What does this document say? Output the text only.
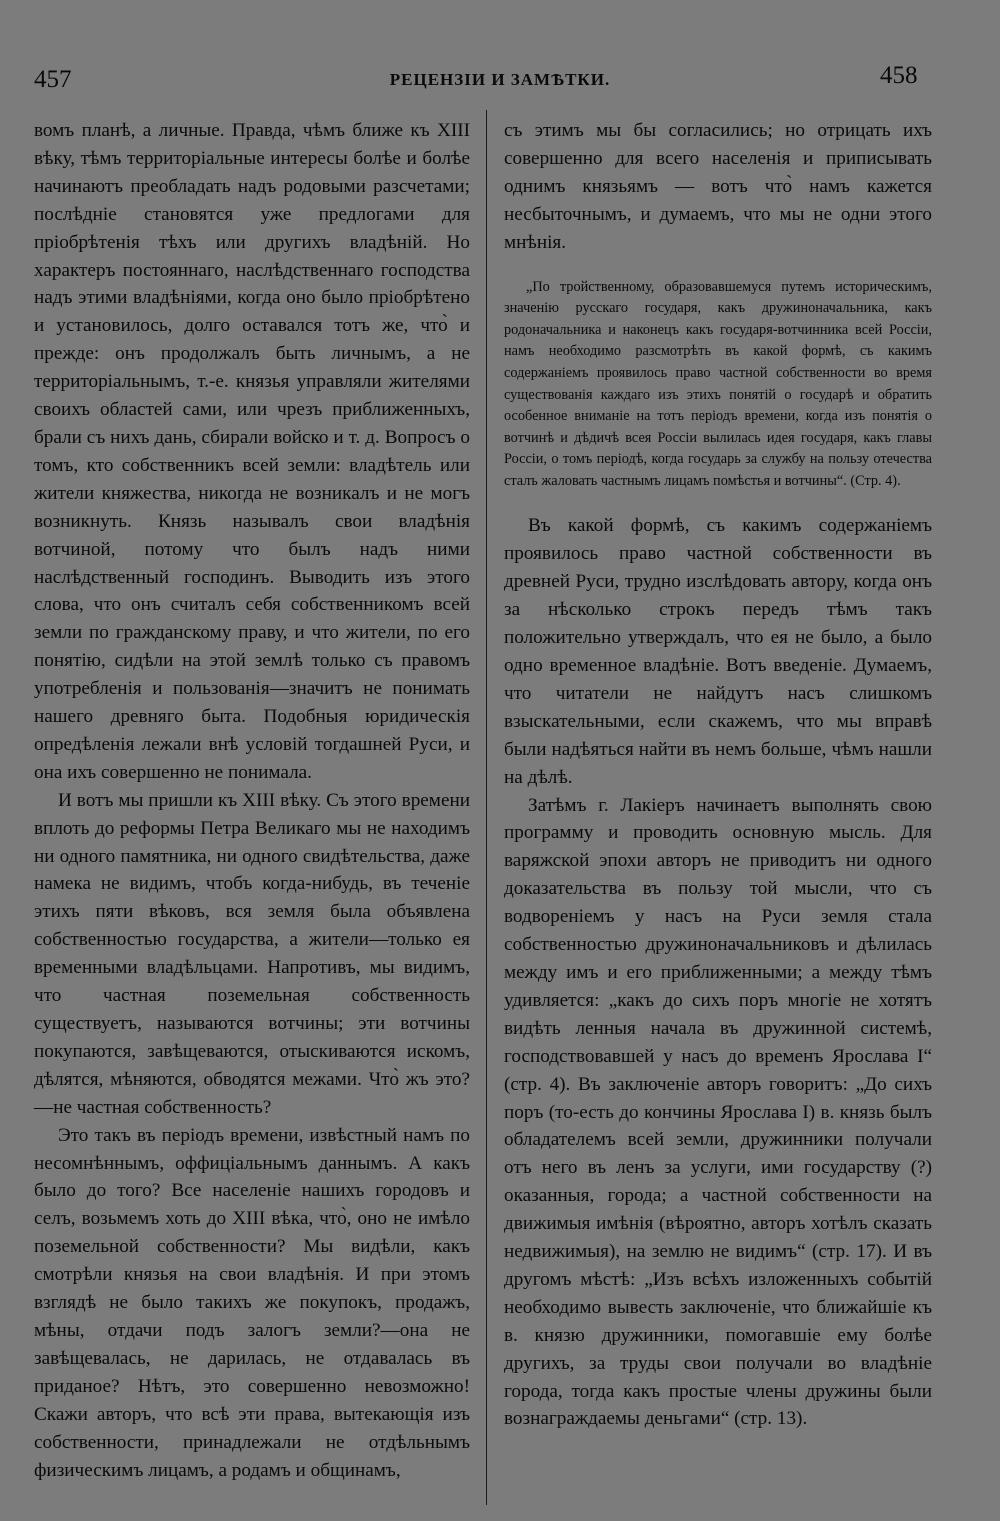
457	РЕЦЕНЗІИ И ЗАМѢТКИ.	458

вомъ планѣ, а личные. Правда, чѣмъ ближе къ XIII вѣку, тѣмъ территоріальные интересы болѣе и болѣе начинаютъ преобладать надъ родовыми разсчетами; послѣдніе становятся уже предлогами для пріобрѣтенія тѣхъ или другихъ владѣній. Но характеръ постояннаго, наслѣдственнаго господства надъ этими владѣніями, когда оно было пріобрѣтено и установилось, долго оставался тотъ же, что̀ и прежде: онъ продолжалъ быть личнымъ, а не территоріальнымъ, т.-е. князья управляли жителями своихъ областей сами, или чрезъ приближенныхъ, брали съ нихъ дань, сбирали войско и т. д. Вопросъ о томъ, кто собственникъ всей земли: владѣтель или жители княжества, никогда не возникалъ и не могъ возникнуть. Князь называлъ свои владѣнія вотчиной, потому что былъ надъ ними наслѣдственный господинъ. Выводить изъ этого слова, что онъ считалъ себя собственникомъ всей земли по гражданскому праву, и что жители, по его понятію, сидѣли на этой землѣ только съ правомъ употребленія и пользованія—значитъ не понимать нашего древняго быта. Подобныя юридическія опредѣленія лежали внѣ условій тогдашней Руси, и она ихъ совершенно не понимала.

И вотъ мы пришли къ XIII вѣку. Съ этого времени вплоть до реформы Петра Великаго мы не находимъ ни одного памятника, ни одного свидѣтельства, даже намека не видимъ, чтобъ когда-нибудь, въ теченіе этихъ пяти вѣковъ, вся земля была объявлена собственностью государства, а жители—только ея временными владѣльцами. Напротивъ, мы видимъ, что частная поземельная собственность существуетъ, называются вотчины; эти вотчины покупаются, завѣщеваются, отыскиваются искомъ, дѣлятся, мѣняются, обводятся межами. Что̀ жъ это?—не частная собственность?

Это такъ въ періодъ времени, извѣстный намъ по несомнѣннымъ, оффиціальнымъ даннымъ. А какъ было до того? Все населеніе нашихъ городовъ и селъ, возьмемъ хоть до XIII вѣка, что̀, оно не имѣло поземельной собственности? Мы видѣли, какъ смотрѣли князья на свои владѣнія. И при этомъ взглядѣ не было такихъ же покупокъ, продажъ, мѣны, отдачи подъ залогъ земли?—она не завѣщевалась, не дарилась, не отдавалась въ приданое? Нѣтъ, это совершенно невозможно! Скажи авторъ, что всѣ эти права, вытекающія изъ собственности, принадлежали не отдѣльнымъ физическимъ лицамъ, а родамъ и общинамъ,

съ этимъ мы бы согласились; но отрицать ихъ совершенно для всего населенія и приписывать однимъ князьямъ — вотъ что̀ намъ кажется несбыточнымъ, и думаемъ, что мы не одни этого мнѣнія.

„По тройственному, образовавшемуся путемъ историческимъ, значенію русскаго государя, какъ дружиноначальника, какъ родоначальника и наконецъ какъ государя-вотчинника всей Россіи, намъ необходимо разсмотрѣть въ какой формѣ, съ какимъ содержаніемъ проявилось право частной собственности во время существованія каждаго изъ этихъ понятій о государѣ и обратить особенное вниманіе на тотъ періодъ времени, когда изъ понятія о вотчинѣ и дѣдичѣ всея Россіи вылилась идея государя, какъ главы Россіи, о томъ періодѣ, когда государь за службу на пользу отечества сталъ жаловать частнымъ лицамъ помѣстья и вотчины“. (Стр. 4).

Въ какой формѣ, съ какимъ содержаніемъ проявилось право частной собственности въ древней Руси, трудно изслѣдовать автору, когда онъ за нѣсколько строкъ передъ тѣмъ такъ положительно утверждалъ, что ея не было, а было одно временное владѣніе. Вотъ введеніе. Думаемъ, что читатели не найдутъ насъ слишкомъ взыскательными, если скажемъ, что мы вправѣ были надѣяться найти въ немъ больше, чѣмъ нашли на дѣлѣ.

Затѣмъ г. Лакіеръ начинаетъ выполнять свою программу и проводить основную мысль. Для варяжской эпохи авторъ не приводитъ ни одного доказательства въ пользу той мысли, что съ водвореніемъ у насъ на Руси земля стала собственностью дружиноначальниковъ и дѣлилась между имъ и его приближенными; а между тѣмъ удивляется: „какъ до сихъ поръ многіе не хотятъ видѣть ленныя начала въ дружинной системѣ, господствовавшей у насъ до временъ Ярослава I“ (стр. 4). Въ заключеніе авторъ говоритъ: „До сихъ поръ (то-есть до кончины Ярослава I) в. князь былъ обладателемъ всей земли, дружинники получали отъ него въ ленъ за услуги, ими государству (?) оказанныя, города; а частной собственности на движимыя имѣнія (вѣроятно, авторъ хотѣлъ сказать недвижимыя), на землю не видимъ“ (стр. 17). И въ другомъ мѣстѣ: „Изъ всѣхъ изложенныхъ событій необходимо вывесть заключеніе, что ближайшіе къ в. князю дружинники, помогавшіе ему болѣе другихъ, за труды свои получали во владѣніе города, тогда какъ простые члены дружины были вознаграждаемы деньгами“ (стр. 13).
